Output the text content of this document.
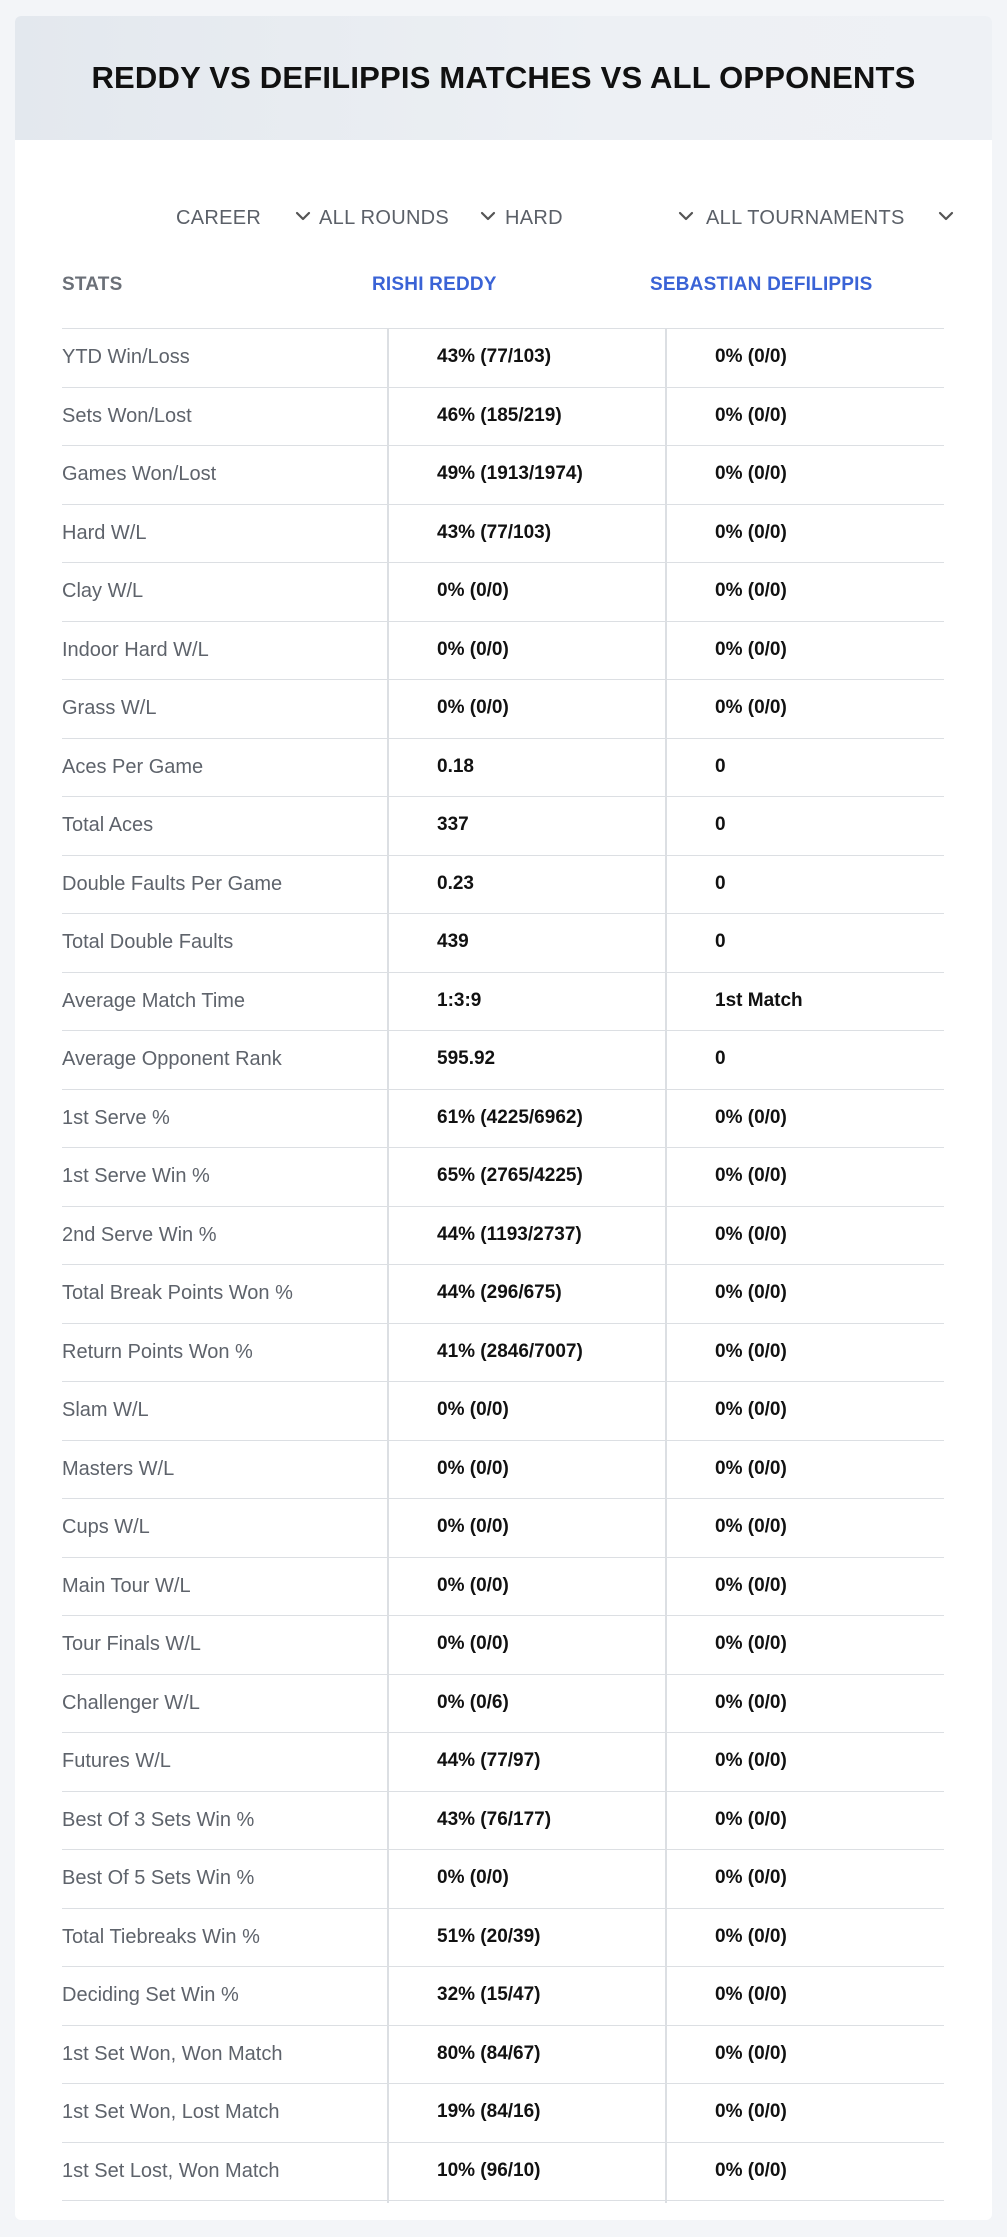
REDDY VS DEFILIPPIS MATCHES VS ALL OPPONENTS
CAREER	ALL ROUNDS	HARD	ALL TOURNAMENTS
STATS	RISHI REDDY	SEBASTIAN DEFILIPPIS
YTD Win/Loss	43% (77/103)	0% (0/0)
Sets Won/Lost	46% (185/219)	0% (0/0)
Games Won/Lost	49% (1913/1974)	0% (0/0)
Hard W/L	43% (77/103)	0% (0/0)
Clay W/L	0% (0/0)	0% (0/0)
Indoor Hard W/L	0% (0/0)	0% (0/0)
Grass W/L	0% (0/0)	0% (0/0)
Aces Per Game	0.18	0
Total Aces	337	0
Double Faults Per Game	0.23	0
Total Double Faults	439	0
Average Match Time	1:3:9	1st Match
Average Opponent Rank	595.92	0
1st Serve %	61% (4225/6962)	0% (0/0)
1st Serve Win %	65% (2765/4225)	0% (0/0)
2nd Serve Win %	44% (1193/2737)	0% (0/0)
Total Break Points Won %	44% (296/675)	0% (0/0)
Return Points Won %	41% (2846/7007)	0% (0/0)
Slam W/L	0% (0/0)	0% (0/0)
Masters W/L	0% (0/0)	0% (0/0)
Cups W/L	0% (0/0)	0% (0/0)
Main Tour W/L	0% (0/0)	0% (0/0)
Tour Finals W/L	0% (0/0)	0% (0/0)
Challenger W/L	0% (0/6)	0% (0/0)
Futures W/L	44% (77/97)	0% (0/0)
Best Of 3 Sets Win %	43% (76/177)	0% (0/0)
Best Of 5 Sets Win %	0% (0/0)	0% (0/0)
Total Tiebreaks Win %	51% (20/39)	0% (0/0)
Deciding Set Win %	32% (15/47)	0% (0/0)
1st Set Won, Won Match	80% (84/67)	0% (0/0)
1st Set Won, Lost Match	19% (84/16)	0% (0/0)
1st Set Lost, Won Match	10% (96/10)	0% (0/0)
